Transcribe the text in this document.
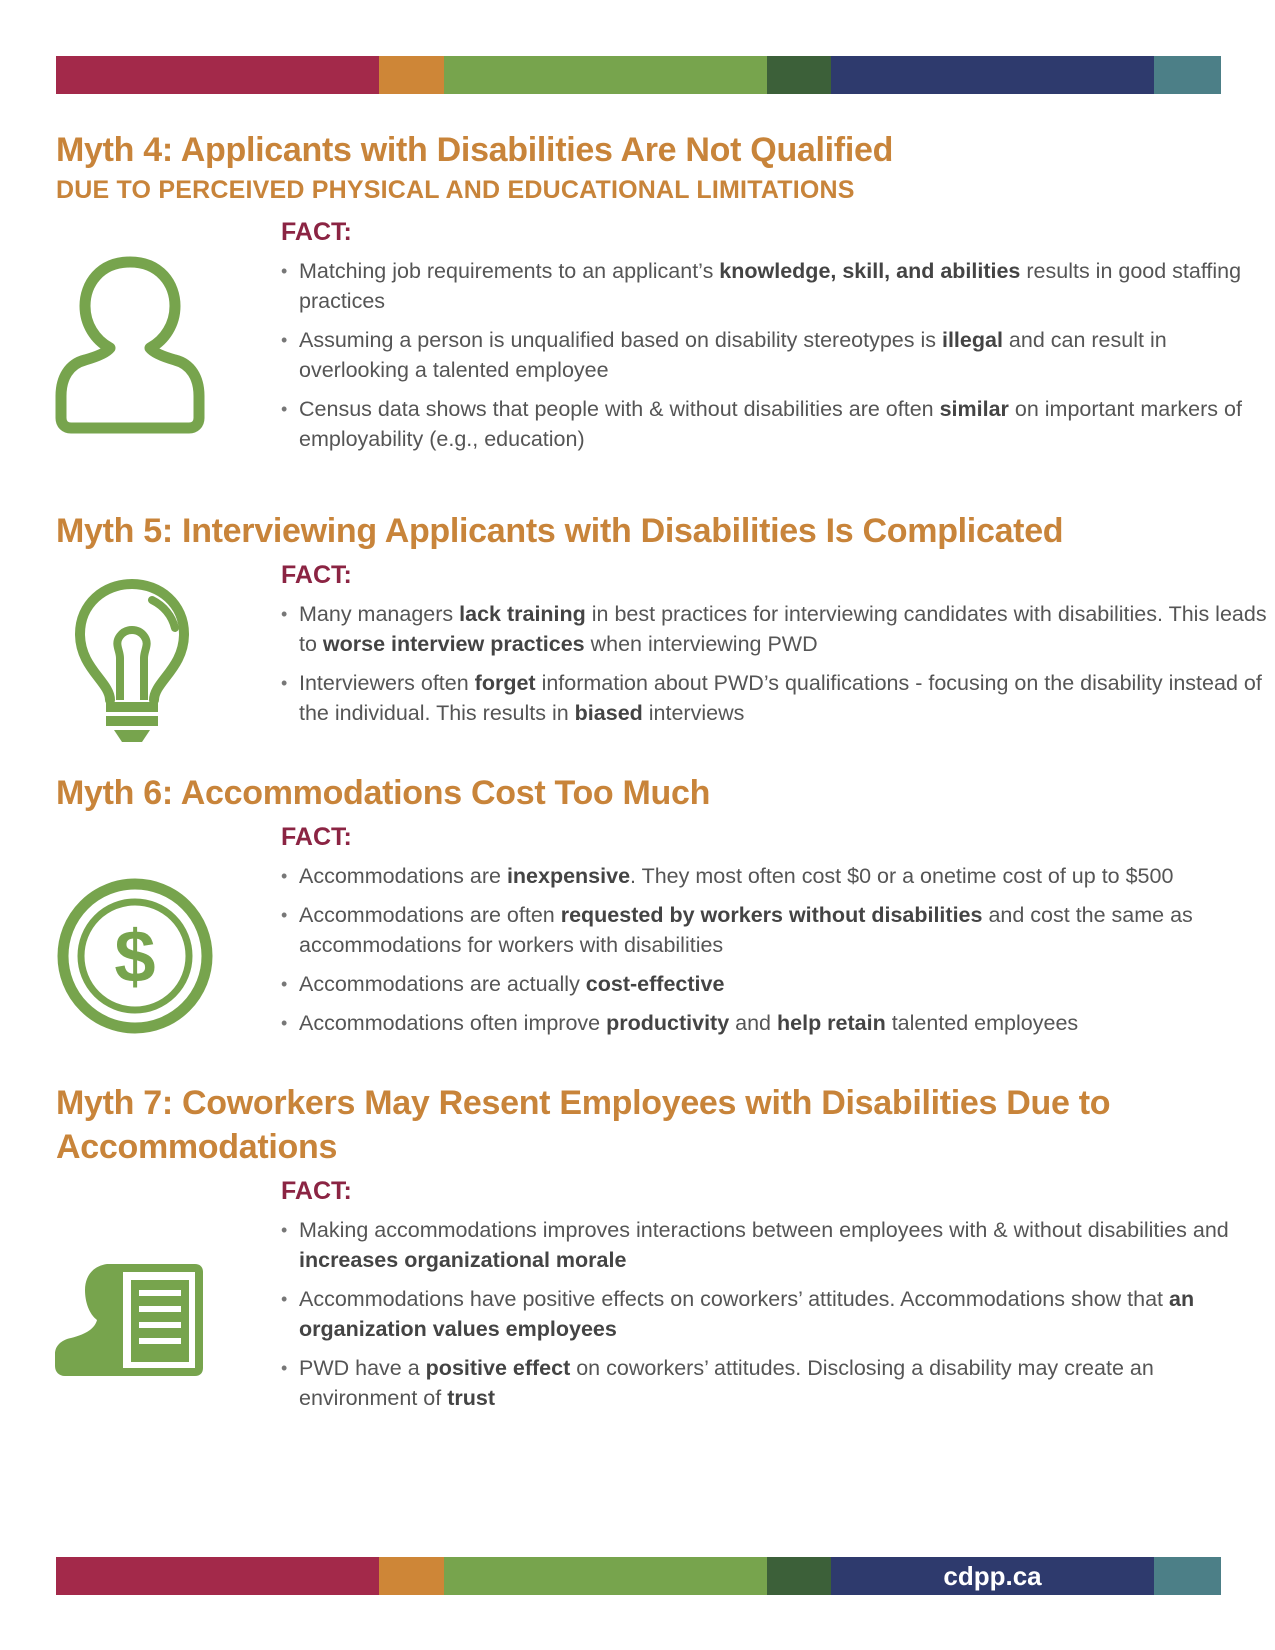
Myth 4: Applicants with Disabilities Are Not Qualified
DUE TO PERCEIVED PHYSICAL AND EDUCATIONAL LIMITATIONS
FACT:
• Matching job requirements to an applicant’s knowledge, skill, and abilities results in good staffing practices
• Assuming a person is unqualified based on disability stereotypes is illegal and can result in overlooking a talented employee
• Census data shows that people with & without disabilities are often similar on important markers of employability (e.g., education)
Myth 5: Interviewing Applicants with Disabilities Is Complicated
FACT:
• Many managers lack training in best practices for interviewing candidates with disabilities. This leads to worse interview practices when interviewing PWD
• Interviewers often forget information about PWD’s qualifications - focusing on the disability instead of the individual. This results in biased interviews
Myth 6: Accommodations Cost Too Much
FACT:
• Accommodations are inexpensive. They most often cost $0 or a onetime cost of up to $500
• Accommodations are often requested by workers without disabilities and cost the same as accommodations for workers with disabilities
• Accommodations are actually cost-effective
• Accommodations often improve productivity and help retain talented employees
$
Myth 7: Coworkers May Resent Employees with Disabilities Due to Accommodations
FACT:
• Making accommodations improves interactions between employees with & without disabilities and increases organizational morale
• Accommodations have positive effects on coworkers’ attitudes. Accommodations show that an organization values employees
• PWD have a positive effect on coworkers’ attitudes. Disclosing a disability may create an environment of trust
cdpp.ca
